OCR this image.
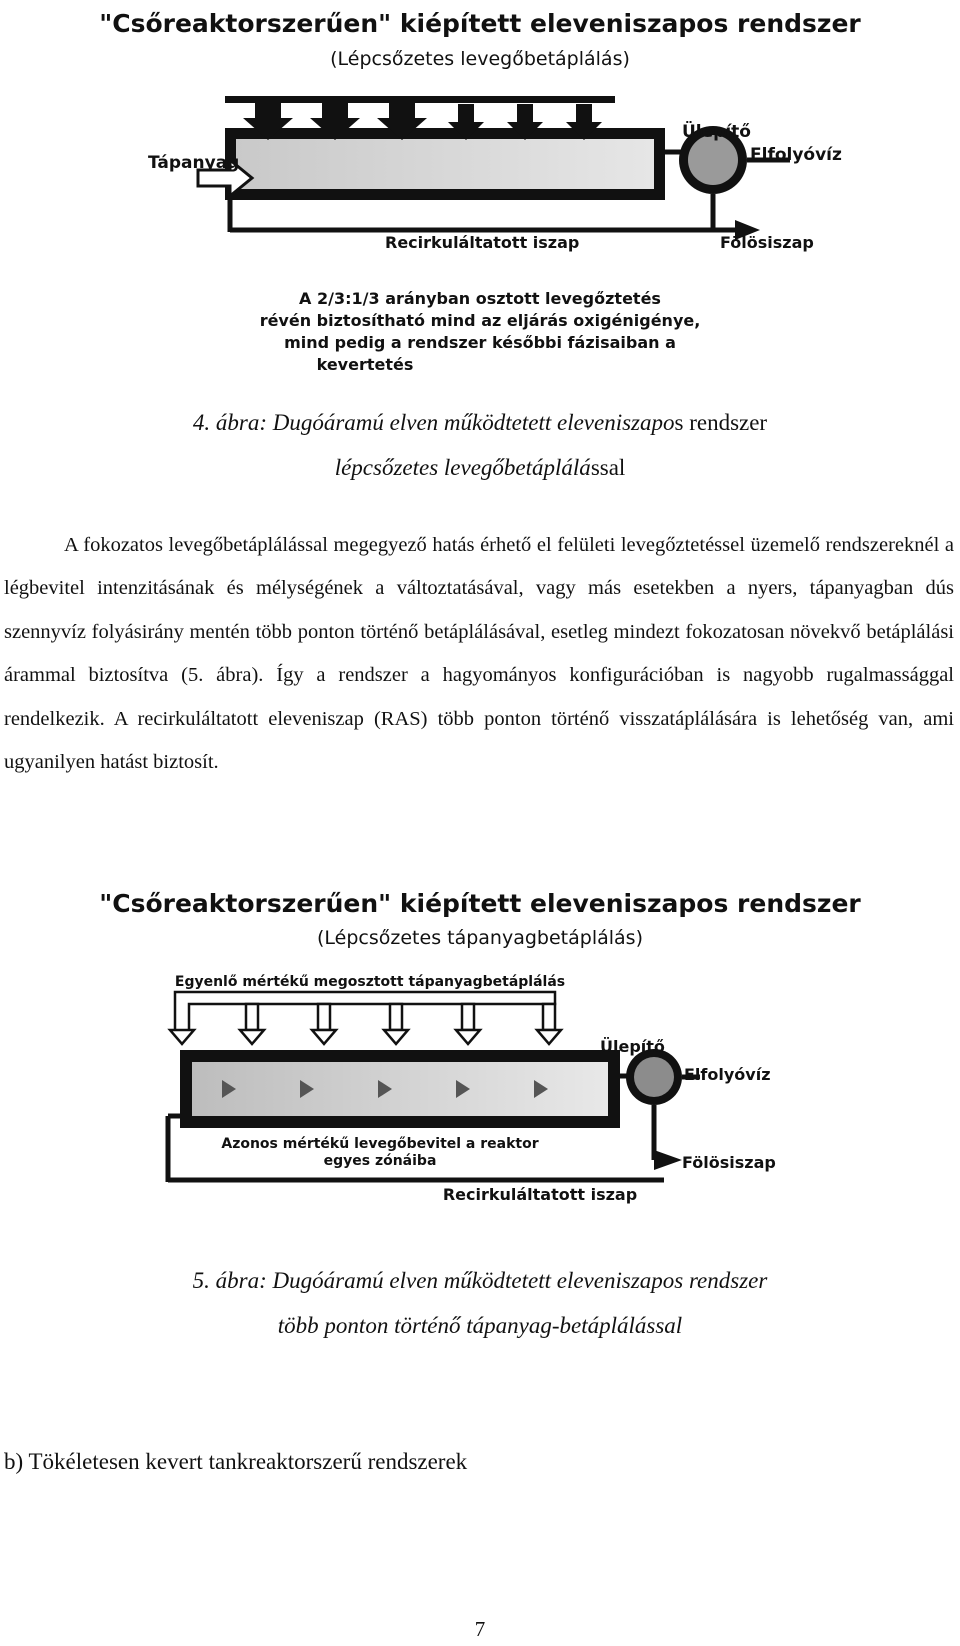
"Csőreaktorszerűen" kiépített eleveniszapos rendszer
(Lépcsőzetes levegőbetáplálás)
Tápanyag
Ülepítő
Elfolyóvíz
Recirkuláltatott iszap	Fölösiszap
A 2/3:1/3 arányban osztott levegőztetés
révén biztosítható mind az eljárás oxigénigénye,
mind pedig a rendszer későbbi fázisaiban a
kevertetés
4. ábra: Dugóáramú elven működtetett eleveniszapos rendszer
lépcsőzetes levegőbetáplálással

A fokozatos levegőbetáplálással megegyező hatás érhető el felületi levegőztetéssel üzemelő rendszereknél a légbevitel intenzitásának és mélységének a változtatásával, vagy más esetekben a nyers, tápanyagban dús szennyvíz folyásirány mentén több ponton történő betáplálásával, esetleg mindezt fokozatosan növekvő betáplálási árammal biztosítva (5. ábra). Így a rendszer a hagyományos konfigurációban is nagyobb rugalmassággal rendelkezik. A recirkuláltatott eleveniszap (RAS) több ponton történő visszatáplálására is lehetőség van, ami ugyanilyen hatást biztosít.

"Csőreaktorszerűen" kiépített eleveniszapos rendszer
(Lépcsőzetes tápanyagbetáplálás)
Egyenlő mértékű megosztott tápanyagbetáplálás
Ülepítő
Elfolyóvíz
Azonos mértékű levegőbevitel a reaktor
egyes zónáiba	Fölösiszap
Recirkuláltatott iszap
5. ábra: Dugóáramú elven működtetett eleveniszapos rendszer
több ponton történő tápanyag-betáplálással
b) Tökéletesen kevert tankreaktorszerű rendszerek
7
